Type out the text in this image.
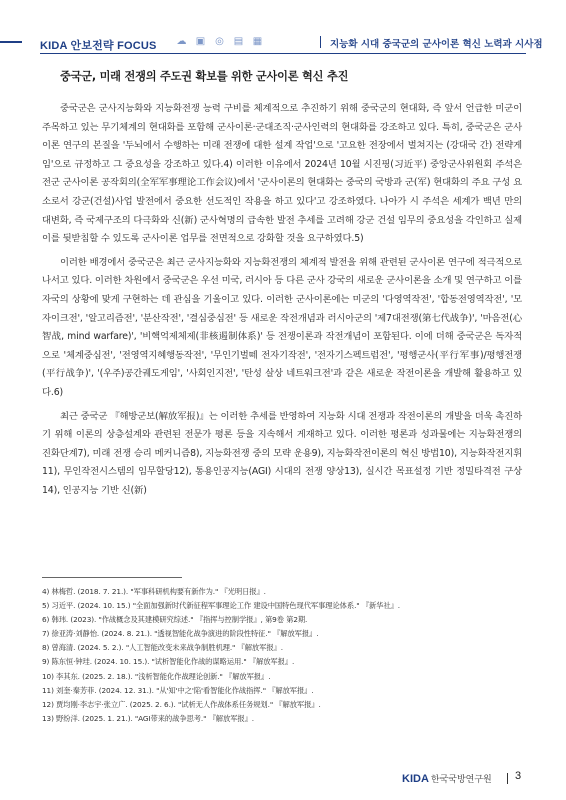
KIDA 안보전략 FOCUS ☁ ▣ ◎ ▤ ▦	지능화 시대 중국군의 군사이론 혁신 노력과 시사점
중국군, 미래 전쟁의 주도권 확보를 위한 군사이론 혁신 추진

중국군은 군사지능화와 지능화전쟁 능력 구비를 체계적으로 추진하기 위해 중국군의 현대화, 즉 앞서 언급한 미군이 주목하고 있는 무기체계의 현대화를 포함해 군사이론·군대조직·군사인력의 현대화를 강조하고 있다. 특히, 중국군은 군사이론 연구의 본질을 '두뇌에서 수행하는 미래 전쟁에 대한 설계 작업'으로 '고요한 전장에서 벌쳐지는 (강대국 간) 전략게임'으로 규정하고 그 중요성을 강조하고 있다.4) 이러한 이유에서 2024년 10월 시진핑(习近平) 중앙군사위원회 주석은 전군 군사이론 공작회의(全军军事理论工作会议)에서 '군사이론의 현대화는 중국의 국방과 군(军) 현대화의 주요 구성 요소로서 강군(건설)사업 발전에서 중요한 선도적인 작용을 하고 있다'고 강조하였다. 나아가 시 주석은 세계가 백년 만의 대변화, 즉 국제구조의 다극화와 신(新) 군사혁명의 급속한 발전 추세를 고려해 강군 건설 임무의 중요성을 각인하고 실제 이를 뒷받침할 수 있도록 군사이론 업무를 전면적으로 강화할 것을 요구하였다.5)

이러한 배경에서 중국군은 최근 군사지능화와 지능화전쟁의 체계적 발전을 위해 관련된 군사이론 연구에 적극적으로 나서고 있다. 이러한 차원에서 중국군은 우선 미국, 러시아 등 다른 군사 강국의 새로운 군사이론을 소개 및 연구하고 이를 자국의 상황에 맞게 구현하는 데 관심을 기울이고 있다. 이러한 군사이론에는 미군의 '다영역작전', '합동전영역작전', '모자이크전', '알고리즘전', '분산작전', '결심중심전' 등 새로운 작전개념과 러시아군의 '제7대전쟁(第七代战争)', '마음전(心智战, mind warfare)', '비핵억제체제(非核遏制体系)' 등 전쟁이론과 작전개념이 포함된다. 이에 더해 중국군은 독자적으로 '체계중심전', '전영역지혜행동작전', '무인기벌떼 전자기작전', '전자기스펙트럼전', '평행군사(平行军事)/평행전쟁(平行战争)', '(우주)공간궤도게임', '사회인지전', '탄성 살상 네트워크전'과 같은 새로운 작전이론을 개발해 활용하고 있다.6)

최근 중국군 『해방군보(解放军报)』는 이러한 추세를 반영하여 지능화 시대 전쟁과 작전이론의 개발을 더욱 촉진하기 위해 이론의 상층설계와 관련된 전문가 평론 등을 지속해서 게재하고 있다. 이러한 평론과 성과물에는 지능화전쟁의 진화단계7), 미래 전쟁 승리 메커니즘8), 지능화전쟁 중의 모략 운용9), 지능화작전이론의 혁신 방법10), 지능화작전지휘11), 무인작전시스템의 임무할당12), 통용인공지능(AGI) 시대의 전쟁 양상13), 실시간 목표설정 기반 정밀타격전 구상14), 인공지능 기반 신(新)

4) 林梅哲. (2018. 7. 21.). "军事科研机构要有新作为." 『光明日报』.
5) 习近平. (2024. 10. 15.) "全面加强新时代新征程军事理论工作 建设中国特色现代军事理论体系." 『新华社』.
6) 韩玮. (2023). "作战概念及其建模研究综述." 『指挥与控制学报』, 第9卷 第2期.
7) 徐亚涛·刘静怡. (2024. 8. 21.). "透视智能化战争演进的阶段性特征." 『解放军报』.
8) 曾海清. (2024. 5. 2.). "人工智能改变未来战争制胜机理." 『解放军报』.
9) 陈东恒·钟珪. (2024. 10. 15.). "试析智能化作战的谋略运用." 『解放军报』.
10) 李其东. (2025. 2. 18.). "浅析智能化作战理论创新." 『解放军报』.
11) 刘奎·秦芳菲. (2024. 12. 31.). "从'知'中之'陷'看智能化作战指挥." 『解放军报』.
12) 贾均刚·李志宇·张立广. (2025. 2. 6.). "试析无人作战体系任务规划." 『解放军报』.
13) 野纷洋. (2025. 1. 21.). "AGI带来的战争思考." 『解放军报』.
KIDA 한국국방연구원 3
